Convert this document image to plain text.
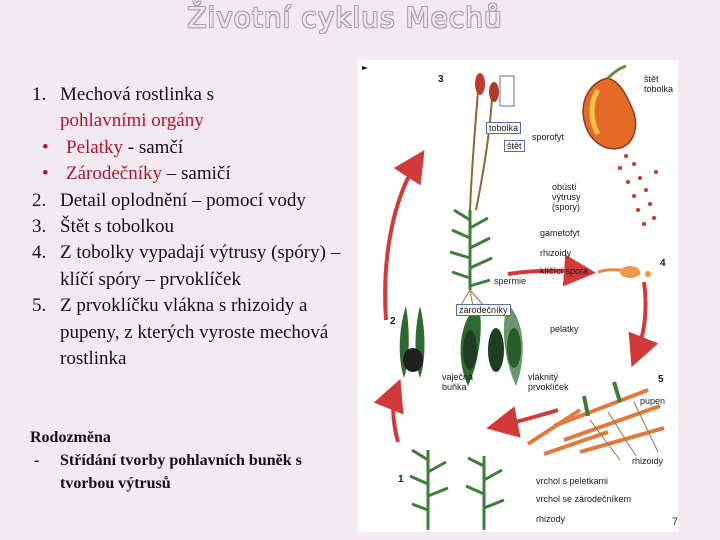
Životní cyklus Mechů
1. Mechová rostlinka s
pohlavními orgány
• Pelatky - samčí
• Zárodečníky – samičí
2. Detail oplodnění – pomocí vody
3. Štět s tobolkou
4. Z tobolky vypadají výtrusy (spóry) – klíčí spóry – prvoklíček
5. Z prvoklíčku vlákna s rhizoidy a pupeny, z kterých vyroste mechová rostlinka
Rodozměna
- Střídání tvorby pohlavních buněk s tvorbou výtrusů
3
4
2
5
1
štět
tobolka
tobolka
sporofyt
štět
obústí
výtrusy
(spory)
gametofyt
rhizoidy
klíčící spora
spermie
zárodečníky
pelatky
vaječná
buňka
vláknitý
prvoklíček
pupen
rhizoidy
vrchol s peletkami
vrchol se zárodečníkem
rhizody	7
